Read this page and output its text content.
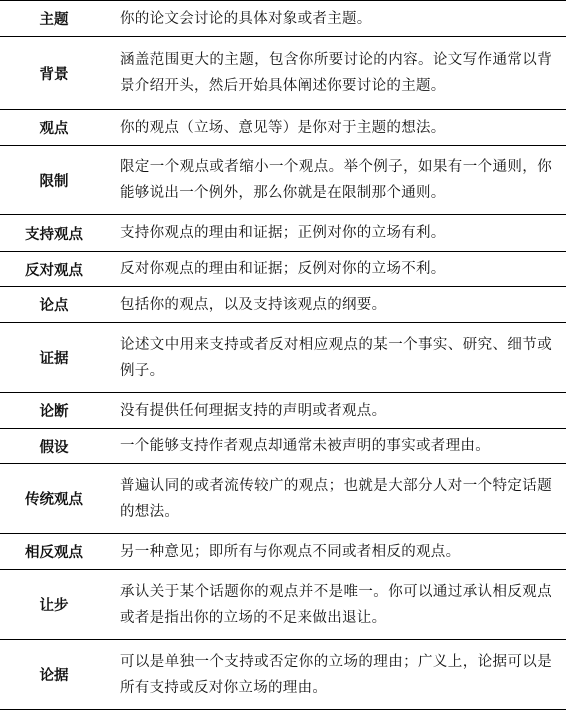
主题	你的论文会讨论的具体对象或者主题。
背景	涵盖范围更大的主题，包含你所要讨论的内容。论文写作通常以背景介绍开头，然后开始具体阐述你要讨论的主题。
观点	你的观点（立场、意见等）是你对于主题的想法。
限制	限定一个观点或者缩小一个观点。举个例子，如果有一个通则，你能够说出一个例外，那么你就是在限制那个通则。
支持观点	支持你观点的理由和证据；正例对你的立场有利。
反对观点	反对你观点的理由和证据；反例对你的立场不利。
论点	包括你的观点，以及支持该观点的纲要。
证据	论述文中用来支持或者反对相应观点的某一个事实、研究、细节或例子。
论断	没有提供任何理据支持的声明或者观点。
假设	一个能够支持作者观点却通常未被声明的事实或者理由。
传统观点	普遍认同的或者流传较广的观点；也就是大部分人对一个特定话题的想法。
相反观点	另一种意见；即所有与你观点不同或者相反的观点。
让步	承认关于某个话题你的观点并不是唯一。你可以通过承认相反观点或者是指出你的立场的不足来做出退让。
论据	可以是单独一个支持或否定你的立场的理由；广义上，论据可以是所有支持或反对你立场的理由。
